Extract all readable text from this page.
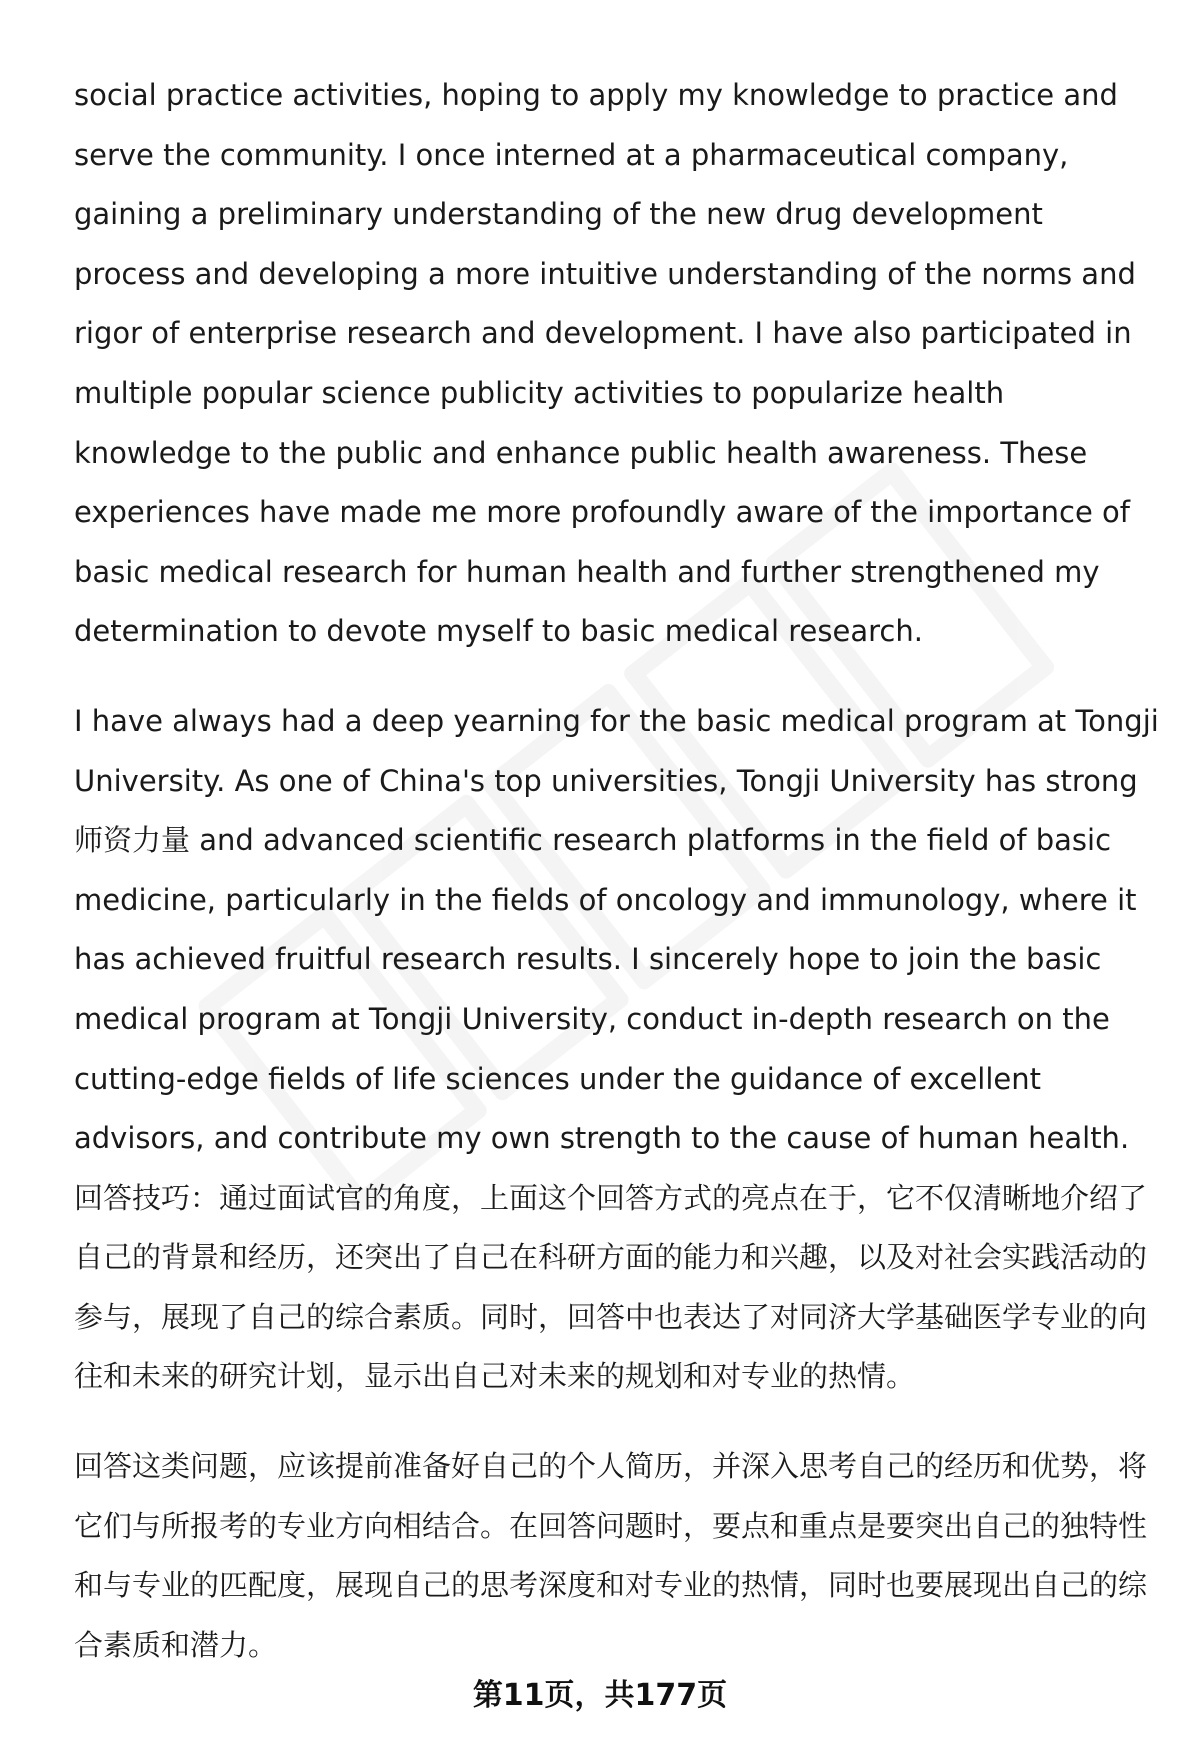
social practice activities, hoping to apply my knowledge to practice and serve the community. I once interned at a pharmaceutical company, gaining a preliminary understanding of the new drug development process and developing a more intuitive understanding of the norms and rigor of enterprise research and development. I have also participated in multiple popular science publicity activities to popularize health knowledge to the public and enhance public health awareness. These experiences have made me more profoundly aware of the importance of basic medical research for human health and further strengthened my determination to devote myself to basic medical research.

I have always had a deep yearning for the basic medical program at Tongji University. As one of China's top universities, Tongji University has strong师资力量 and advanced scientific research platforms in the field of basic medicine, particularly in the fields of oncology and immunology, where it has achieved fruitful research results. I sincerely hope to join the basic medical program at Tongji University, conduct in-depth research on the cutting-edge fields of life sciences under the guidance of excellent advisors, and contribute my own strength to the cause of human health. 回答技巧：通过面试官的角度，上面这个回答方式的亮点在于，它不仅清晰地介绍了自己的背景和经历，还突出了自己在科研方面的能力和兴趣，以及对社会实践活动的参与，展现了自己的综合素质。同时，回答中也表达了对同济大学基础医学专业的向往和未来的研究计划，显示出自己对未来的规划和对专业的热情。

回答这类问题，应该提前准备好自己的个人简历，并深入思考自己的经历和优势，将它们与所报考的专业方向相结合。在回答问题时，要点和重点是要突出自己的独特性和与专业的匹配度，展现自己的思考深度和对专业的热情，同时也要展现出自己的综合素质和潜力。

第11页，共177页
